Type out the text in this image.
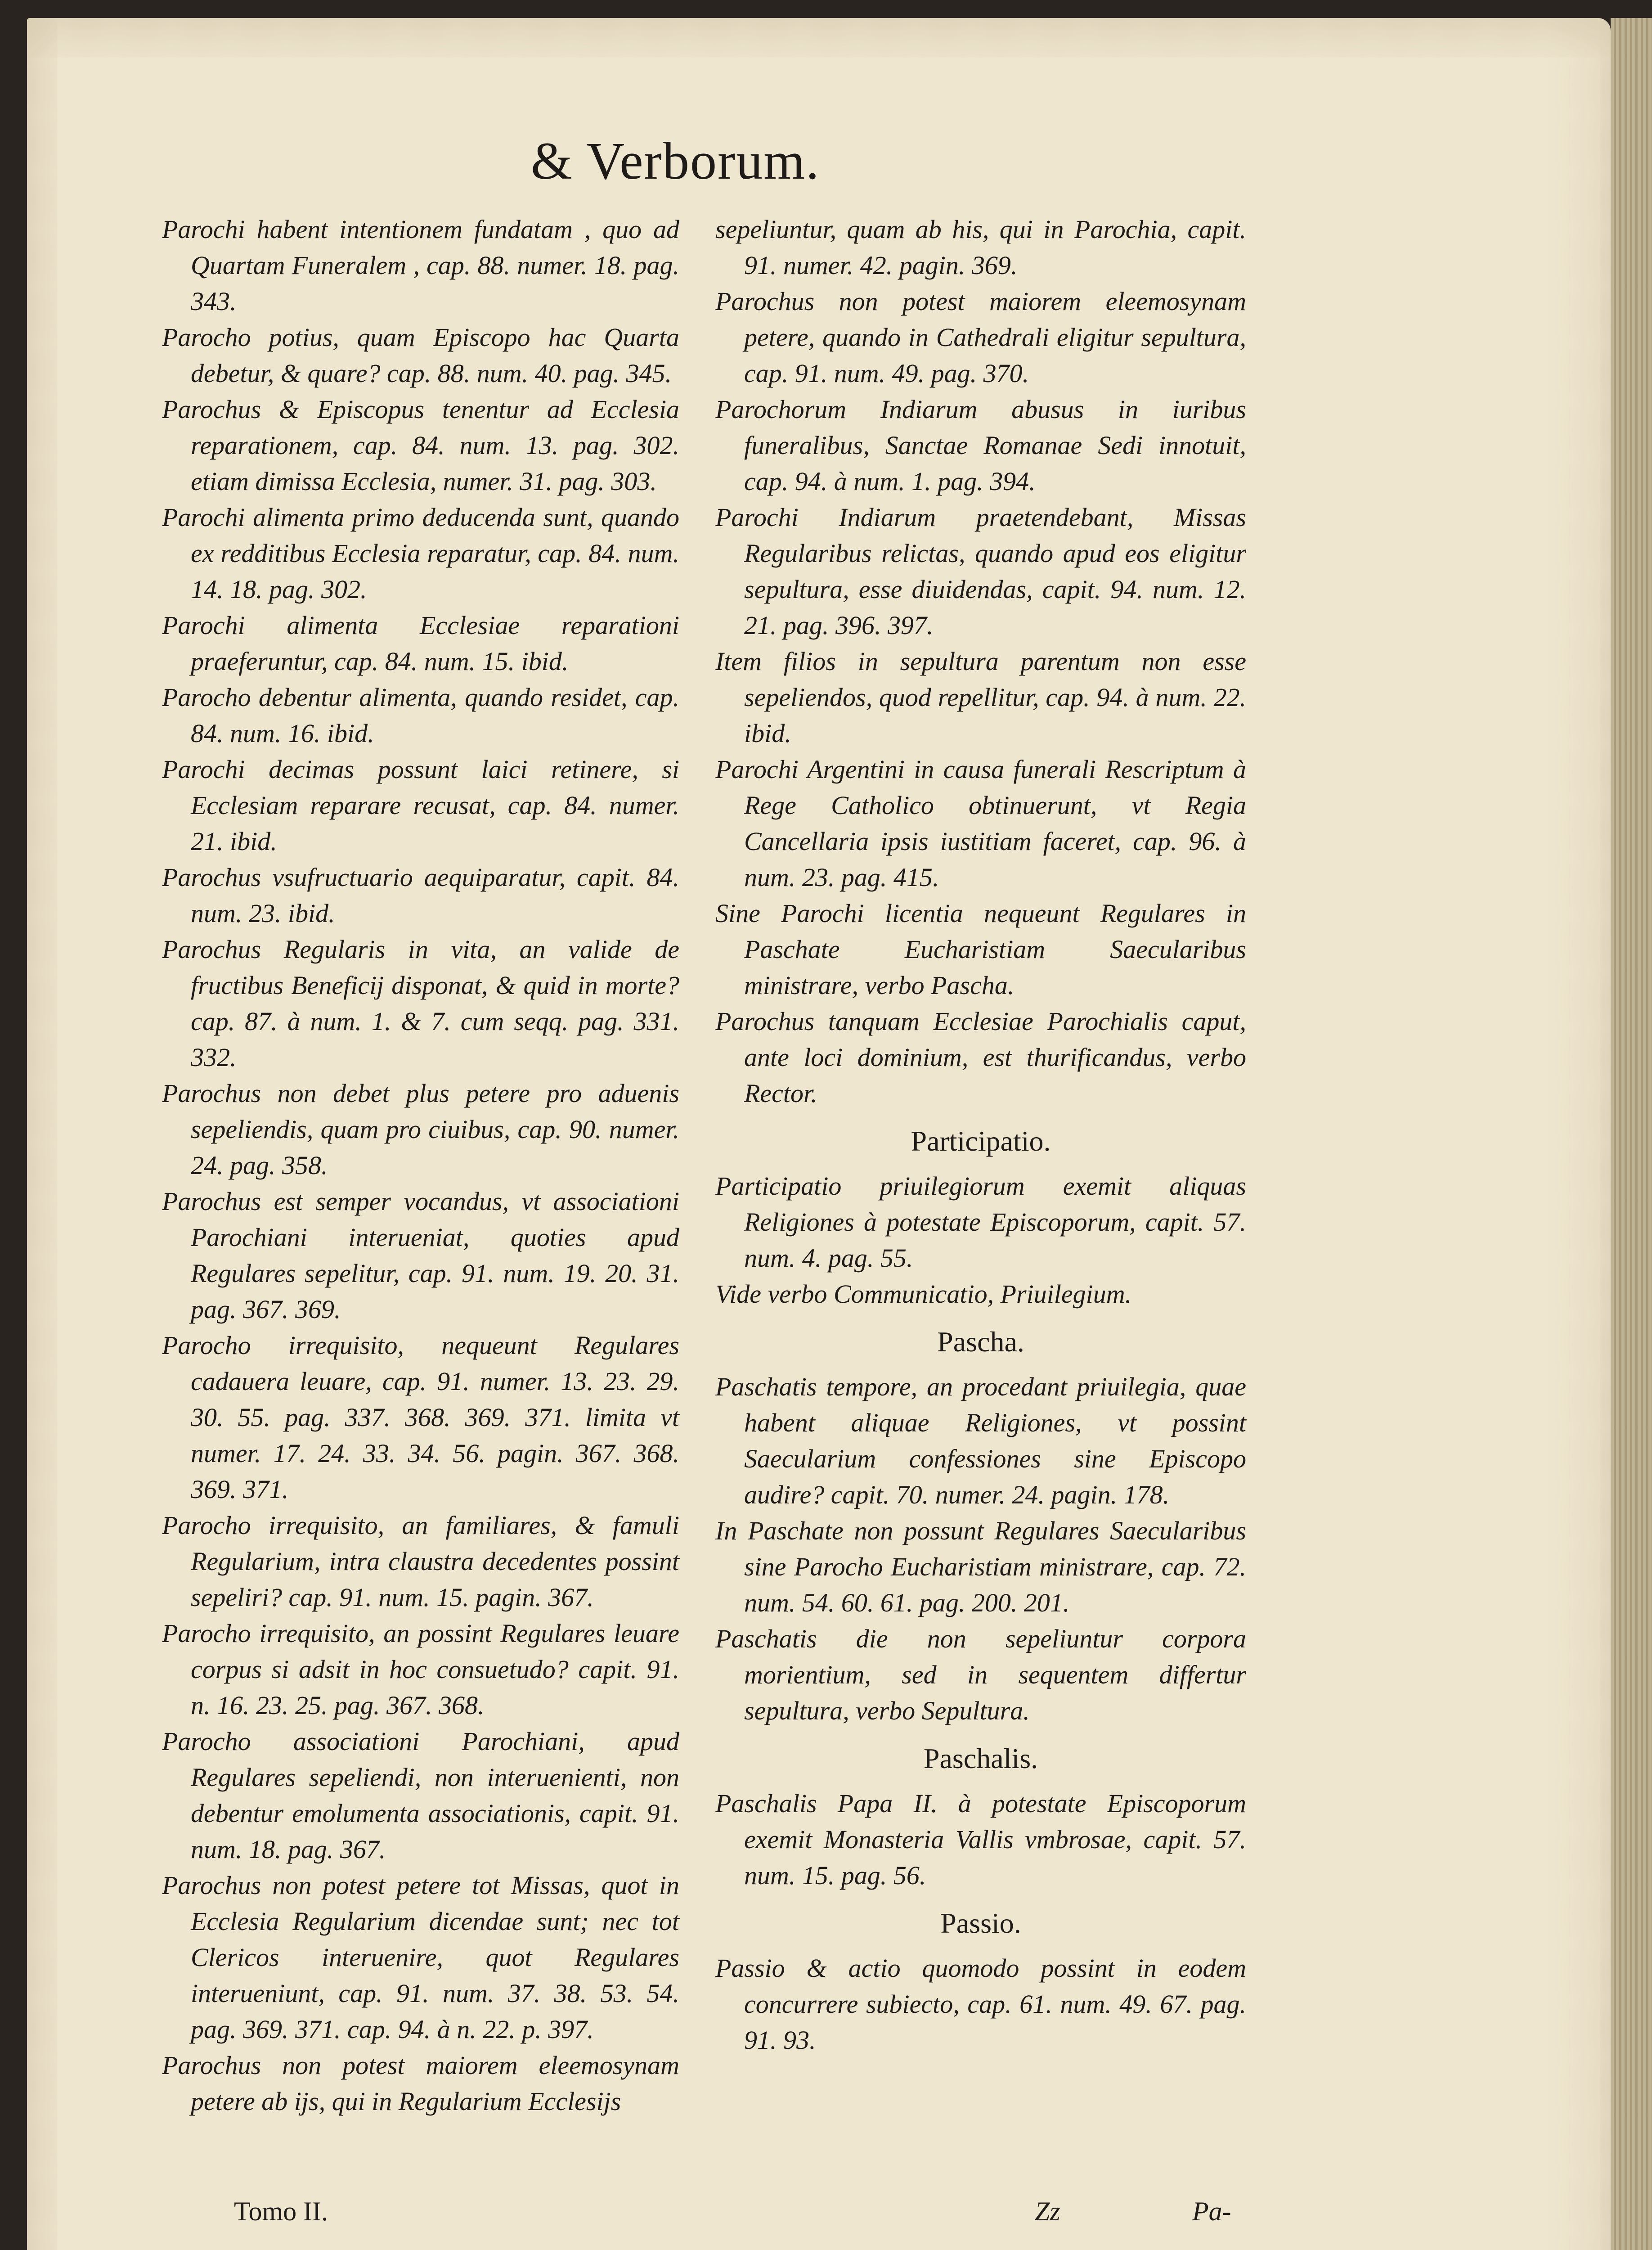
& Verborum.

Parochi habent intentionem fundatam , quo ad Quartam Funeralem , cap. 88. numer. 18. pag. 343.

Parocho potius, quam Episcopo hac Quarta debetur, & quare? cap. 88. num. 40. pag. 345.

Parochus & Episcopus tenentur ad Ecclesia reparationem, cap. 84. num. 13. pag. 302. etiam dimissa Ecclesia, numer. 31. pag. 303.

Parochi alimenta primo deducenda sunt, quando ex redditibus Ecclesia reparatur, cap. 84. num. 14. 18. pag. 302.

Parochi alimenta Ecclesiae reparationi praeferuntur, cap. 84. num. 15. ibid.

Parocho debentur alimenta, quando residet, cap. 84. num. 16. ibid.

Parochi decimas possunt laici retinere, si Ecclesiam reparare recusat, cap. 84. numer. 21. ibid.

Parochus vsufructuario aequiparatur, capit. 84. num. 23. ibid.

Parochus Regularis in vita, an valide de fructibus Beneficij disponat, & quid in morte? cap. 87. à num. 1. & 7. cum seqq. pag. 331. 332.

Parochus non debet plus petere pro aduenis sepeliendis, quam pro ciuibus, cap. 90. numer. 24. pag. 358.

Parochus est semper vocandus, vt associationi Parochiani interueniat, quoties apud Regulares sepelitur, cap. 91. num. 19. 20. 31. pag. 367. 369.

Parocho irrequisito, nequeunt Regulares cadauera leuare, cap. 91. numer. 13. 23. 29. 30. 55. pag. 337. 368. 369. 371. limita vt numer. 17. 24. 33. 34. 56. pagin. 367. 368. 369. 371.

Parocho irrequisito, an familiares, & famuli Regularium, intra claustra decedentes possint sepeliri? cap. 91. num. 15. pagin. 367.

Parocho irrequisito, an possint Regulares leuare corpus si adsit in hoc consuetudo? capit. 91. n. 16. 23. 25. pag. 367. 368.

Parocho associationi Parochiani, apud Regulares sepeliendi, non interuenienti, non debentur emolumenta associationis, capit. 91. num. 18. pag. 367.

Parochus non potest petere tot Missas, quot in Ecclesia Regularium dicendae sunt; nec tot Clericos interuenire, quot Regulares interueniunt, cap. 91. num. 37. 38. 53. 54. pag. 369. 371. cap. 94. à n. 22. p. 397.

Parochus non potest maiorem eleemosynam petere ab ijs, qui in Regularium Ecclesijs

sepeliuntur, quam ab his, qui in Parochia, capit. 91. numer. 42. pagin. 369.

Parochus non potest maiorem eleemosynam petere, quando in Cathedrali eligitur sepultura, cap. 91. num. 49. pag. 370.

Parochorum Indiarum abusus in iuribus funeralibus, Sanctae Romanae Sedi innotuit, cap. 94. à num. 1. pag. 394.

Parochi Indiarum praetendebant, Missas Regularibus relictas, quando apud eos eligitur sepultura, esse diuidendas, capit. 94. num. 12. 21. pag. 396. 397.

Item filios in sepultura parentum non esse sepeliendos, quod repellitur, cap. 94. à num. 22. ibid.

Parochi Argentini in causa funerali Rescriptum à Rege Catholico obtinuerunt, vt Regia Cancellaria ipsis iustitiam faceret, cap. 96. à num. 23. pag. 415.

Sine Parochi licentia nequeunt Regulares in Paschate Eucharistiam Saecularibus ministrare, verbo Pascha.

Parochus tanquam Ecclesiae Parochialis caput, ante loci dominium, est thurificandus, verbo Rector.

Participatio.

Participatio priuilegiorum exemit aliquas Religiones à potestate Episcoporum, capit. 57. num. 4. pag. 55.

Vide verbo Communicatio, Priuilegium.

Pascha.

Paschatis tempore, an procedant priuilegia, quae habent aliquae Religiones, vt possint Saecularium confessiones sine Episcopo audire? capit. 70. numer. 24. pagin. 178.

In Paschate non possunt Regulares Saecularibus sine Parocho Eucharistiam ministrare, cap. 72. num. 54. 60. 61. pag. 200. 201.

Paschatis die non sepeliuntur corpora morientium, sed in sequentem differtur sepultura, verbo Sepultura.

Paschalis.

Paschalis Papa II. à potestate Episcoporum exemit Monasteria Vallis vmbrosae, capit. 57. num. 15. pag. 56.

Passio.

Passio & actio quomodo possint in eodem concurrere subiecto, cap. 61. num. 49. 67. pag. 91. 93.

Tomo II.	Zz	Pa-
